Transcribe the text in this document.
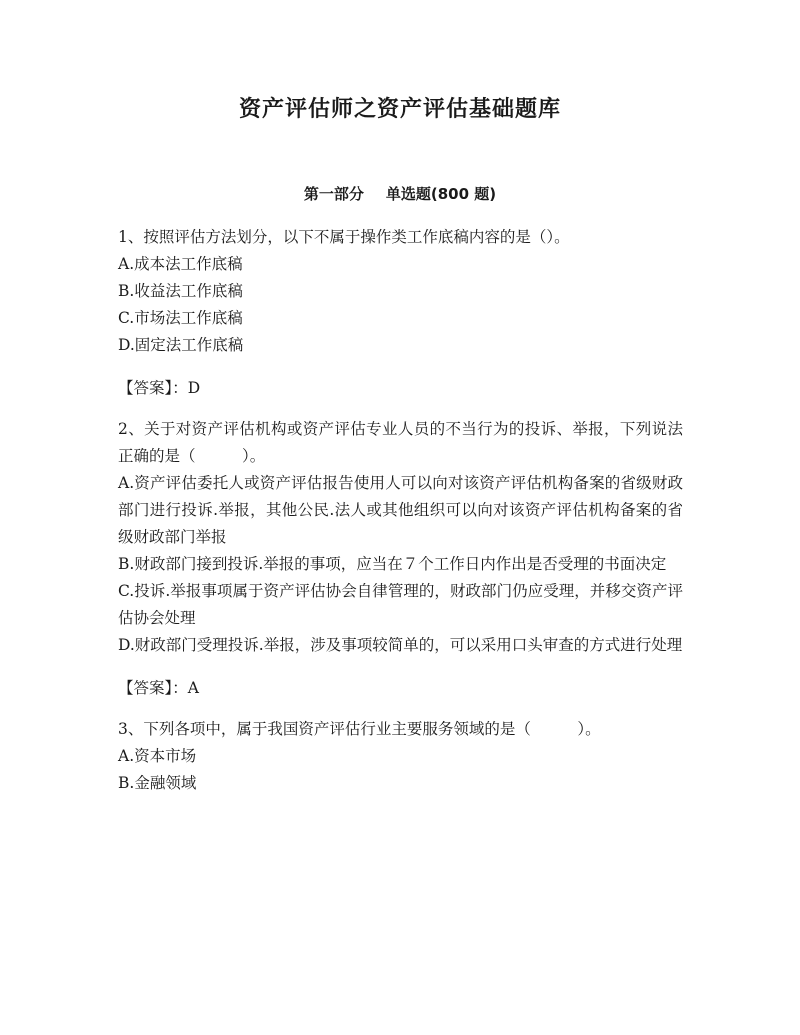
资产评估师之资产评估基础题库
第一部分 单选题(800 题)

1、按照评估方法划分，以下不属于操作类工作底稿内容的是（）。

A.成本法工作底稿

B.收益法工作底稿

C.市场法工作底稿

D.固定法工作底稿

【答案】：D

2、关于对资产评估机构或资产评估专业人员的不当行为的投诉、举报，下列说法正确的是（　　　）。

A.资产评估委托人或资产评估报告使用人可以向对该资产评估机构备案的省级财政部门进行投诉.举报，其他公民.法人或其他组织可以向对该资产评估机构备案的省级财政部门举报

B.财政部门接到投诉.举报的事项，应当在７个工作日内作出是否受理的书面决定

C.投诉.举报事项属于资产评估协会自律管理的，财政部门仍应受理，并移交资产评估协会处理

D.财政部门受理投诉.举报，涉及事项较简单的，可以采用口头审查的方式进行处理

【答案】：A

3、下列各项中，属于我国资产评估行业主要服务领域的是（　　　）。

A.资本市场

B.金融领域
